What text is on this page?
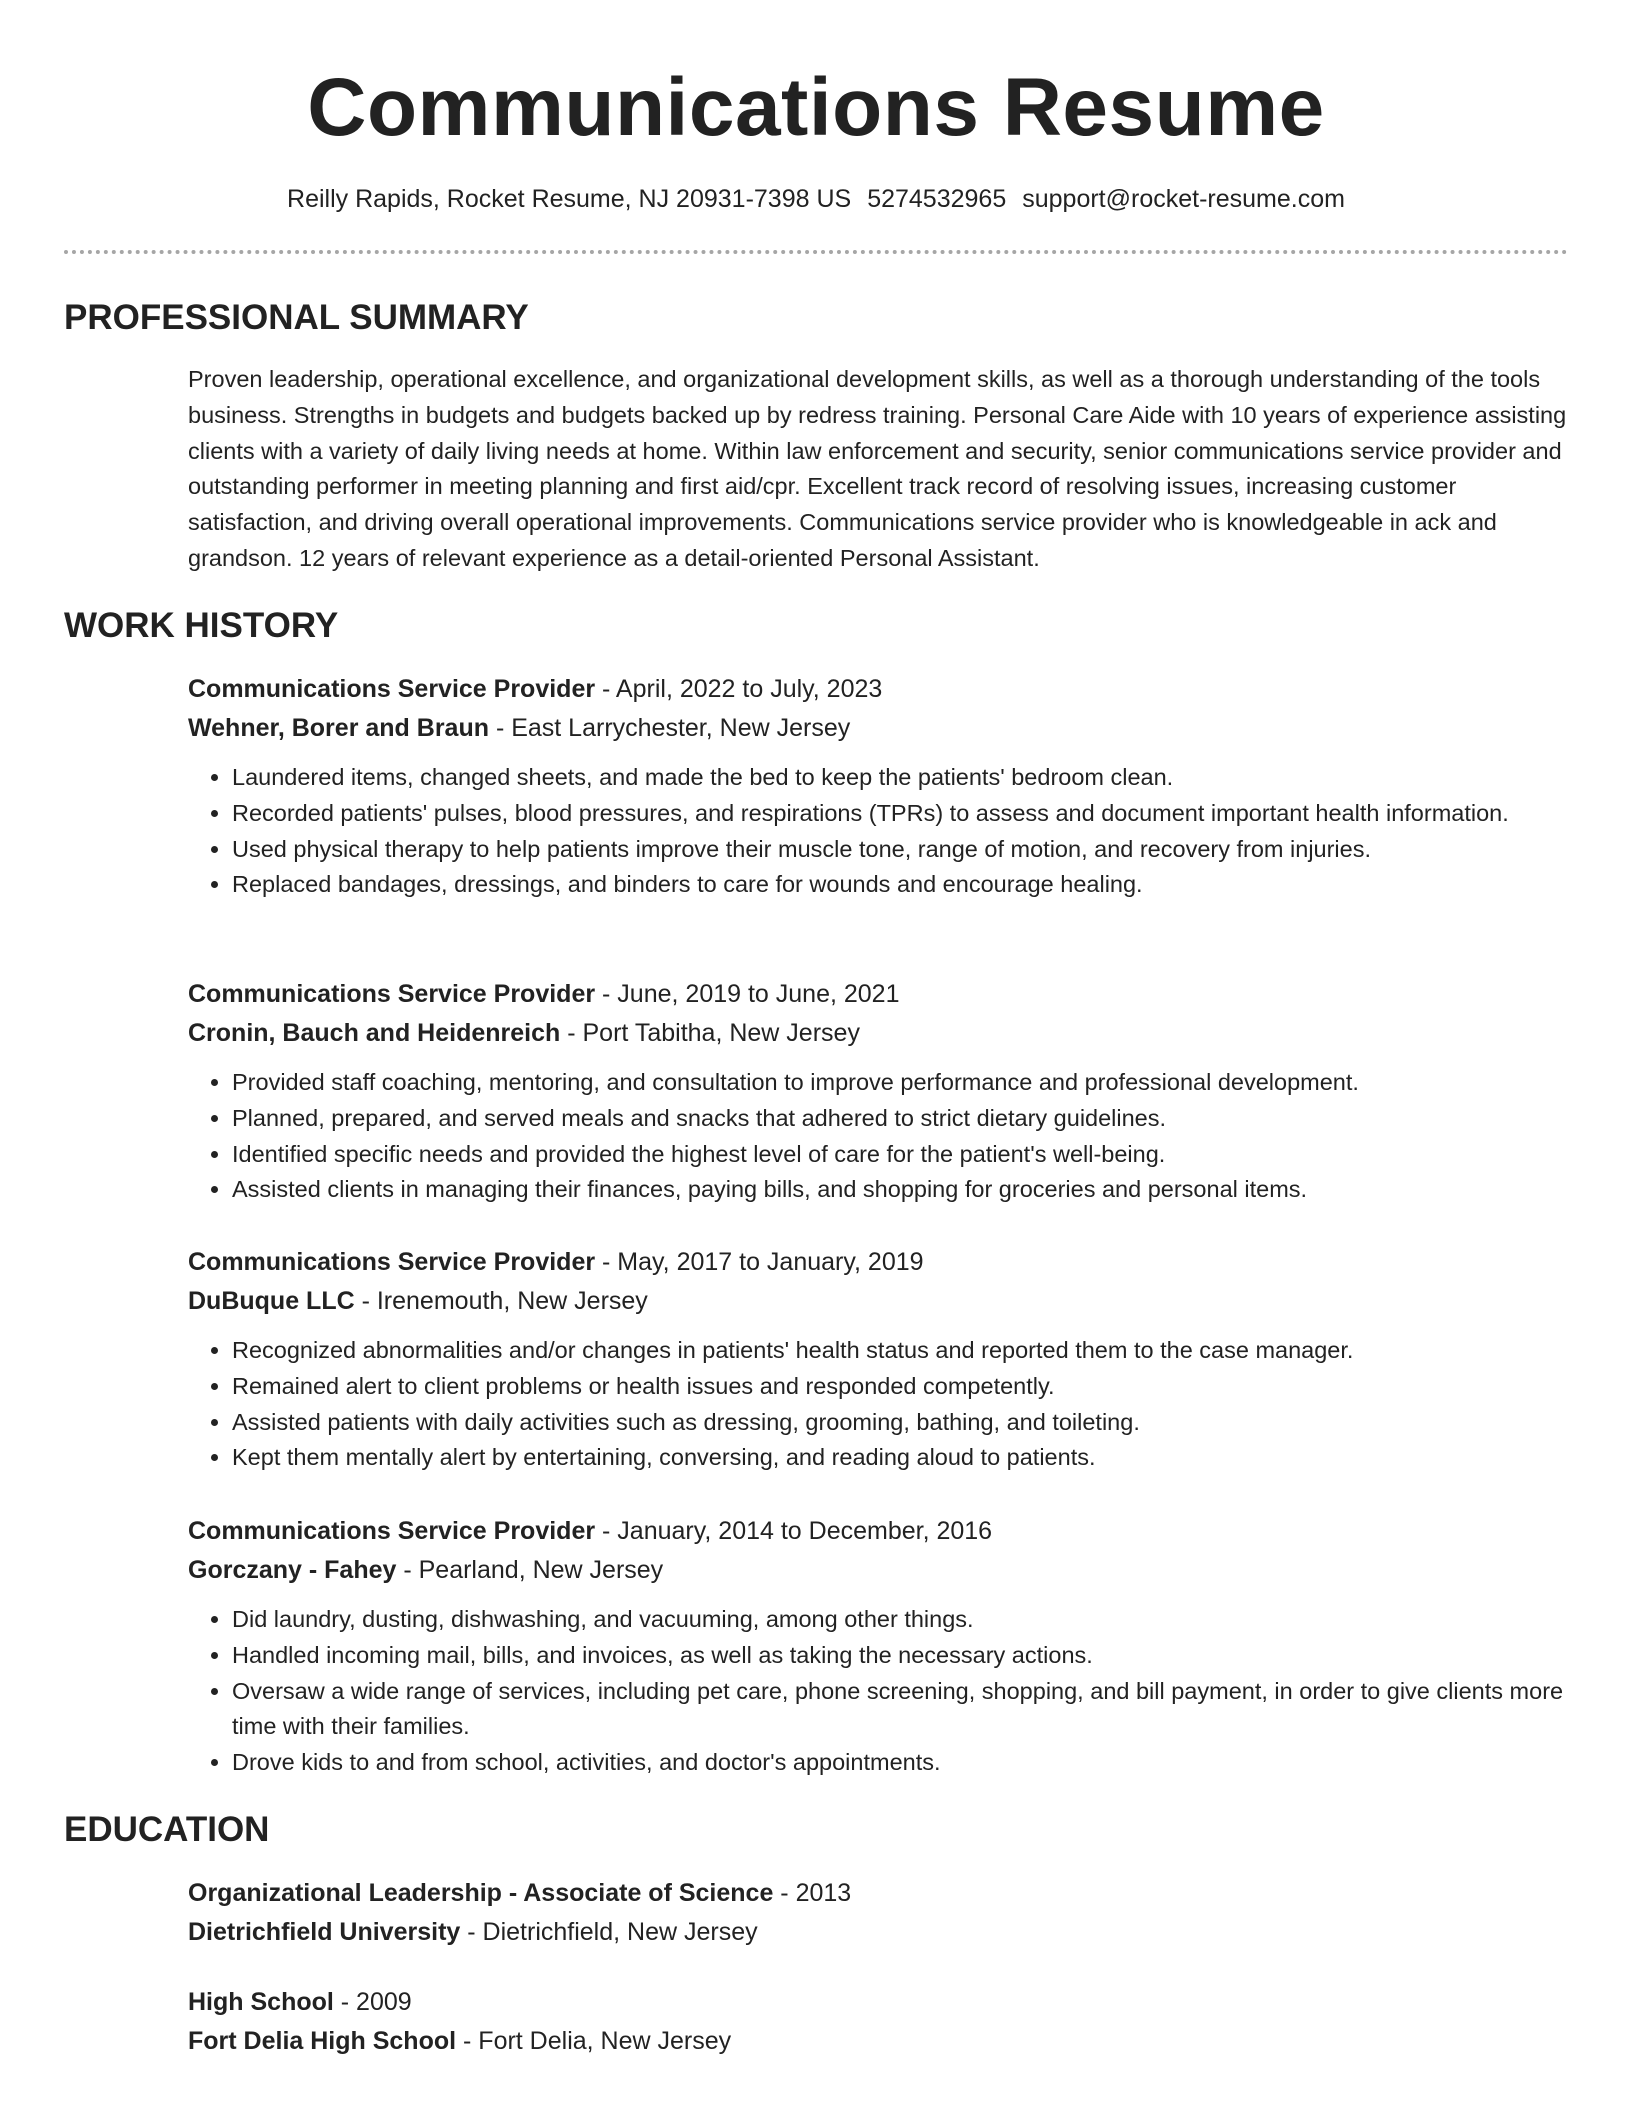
Communications Resume
Reilly Rapids, Rocket Resume, NJ 20931-7398 US 5274532965 support@rocket-resume.com
PROFESSIONAL SUMMARY
Proven leadership, operational excellence, and organizational development skills, as well as a thorough understanding of the tools business. Strengths in budgets and budgets backed up by redress training. Personal Care Aide with 10 years of experience assisting clients with a variety of daily living needs at home. Within law enforcement and security, senior communications service provider and outstanding performer in meeting planning and first aid/cpr. Excellent track record of resolving issues, increasing customer satisfaction, and driving overall operational improvements. Communications service provider who is knowledgeable in ack and grandson. 12 years of relevant experience as a detail-oriented Personal Assistant.
WORK HISTORY
Communications Service Provider - April, 2022 to July, 2023
Wehner, Borer and Braun - East Larrychester, New Jersey
• Laundered items, changed sheets, and made the bed to keep the patients' bedroom clean.
• Recorded patients' pulses, blood pressures, and respirations (TPRs) to assess and document important health information.
• Used physical therapy to help patients improve their muscle tone, range of motion, and recovery from injuries.
• Replaced bandages, dressings, and binders to care for wounds and encourage healing.
Communications Service Provider - June, 2019 to June, 2021
Cronin, Bauch and Heidenreich - Port Tabitha, New Jersey
• Provided staff coaching, mentoring, and consultation to improve performance and professional development.
• Planned, prepared, and served meals and snacks that adhered to strict dietary guidelines.
• Identified specific needs and provided the highest level of care for the patient's well-being.
• Assisted clients in managing their finances, paying bills, and shopping for groceries and personal items.
Communications Service Provider - May, 2017 to January, 2019
DuBuque LLC - Irenemouth, New Jersey
• Recognized abnormalities and/or changes in patients' health status and reported them to the case manager.
• Remained alert to client problems or health issues and responded competently.
• Assisted patients with daily activities such as dressing, grooming, bathing, and toileting.
• Kept them mentally alert by entertaining, conversing, and reading aloud to patients.
Communications Service Provider - January, 2014 to December, 2016
Gorczany - Fahey - Pearland, New Jersey
• Did laundry, dusting, dishwashing, and vacuuming, among other things.
• Handled incoming mail, bills, and invoices, as well as taking the necessary actions.
• Oversaw a wide range of services, including pet care, phone screening, shopping, and bill payment, in order to give clients more time with their families.
• Drove kids to and from school, activities, and doctor's appointments.
EDUCATION
Organizational Leadership - Associate of Science - 2013
Dietrichfield University - Dietrichfield, New Jersey
High School - 2009
Fort Delia High School - Fort Delia, New Jersey
